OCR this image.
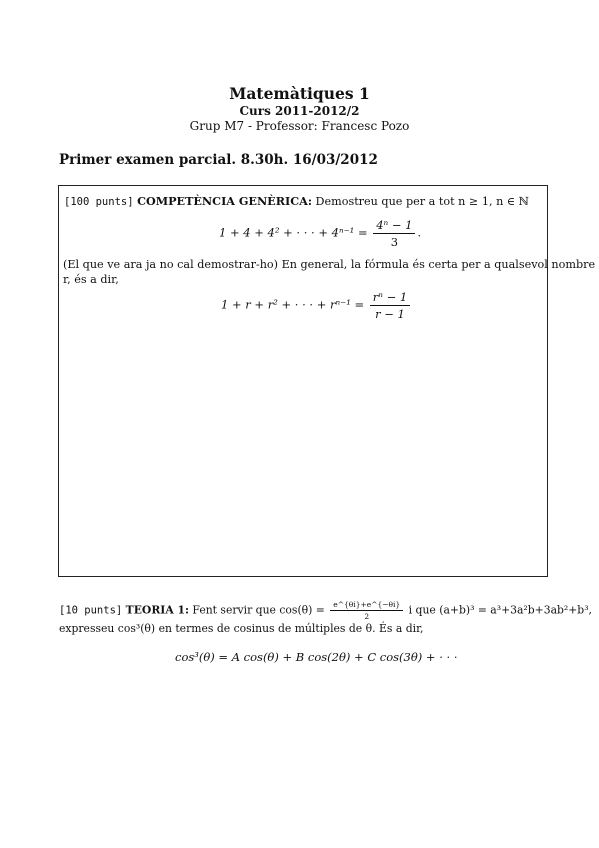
Matemàtiques 1
Curs 2011-2012/2
Grup M7 - Professor: Francesc Pozo
Primer examen parcial. 8.30h. 16/03/2012
[100 punts] COMPETÈNCIA GENÈRICA: Demostreu que per a tot n ≥ 1, n ∈ ℕ
1 + 4 + 4² + · · · + $4^{n-1} = \frac{\text{4ⁿ − 1}}{3}$ .
(El que ve ara ja no cal demostrar-ho) En general, la fórmula és certa per a qualsevol nombre
r, és a dir,
1 + r + r² + · · · + $r^{n-1} = \frac{\text{rⁿ − 1}}{r - 1}$
[10 punts] TEORIA 1: Fent servir que $\cos(\theta) = \frac{e\^{}\{\theta i\}+e\^{}\{-\theta i\}}{2}$ i que (a+b)³ = a³+3a²b+3ab²+b³,
expresseu cos³(θ) en termes de cosinus de múltiples de θ. És a dir,
cos³(θ) = A cos(θ) + B cos(2θ) + C cos(3θ) + · · ·
